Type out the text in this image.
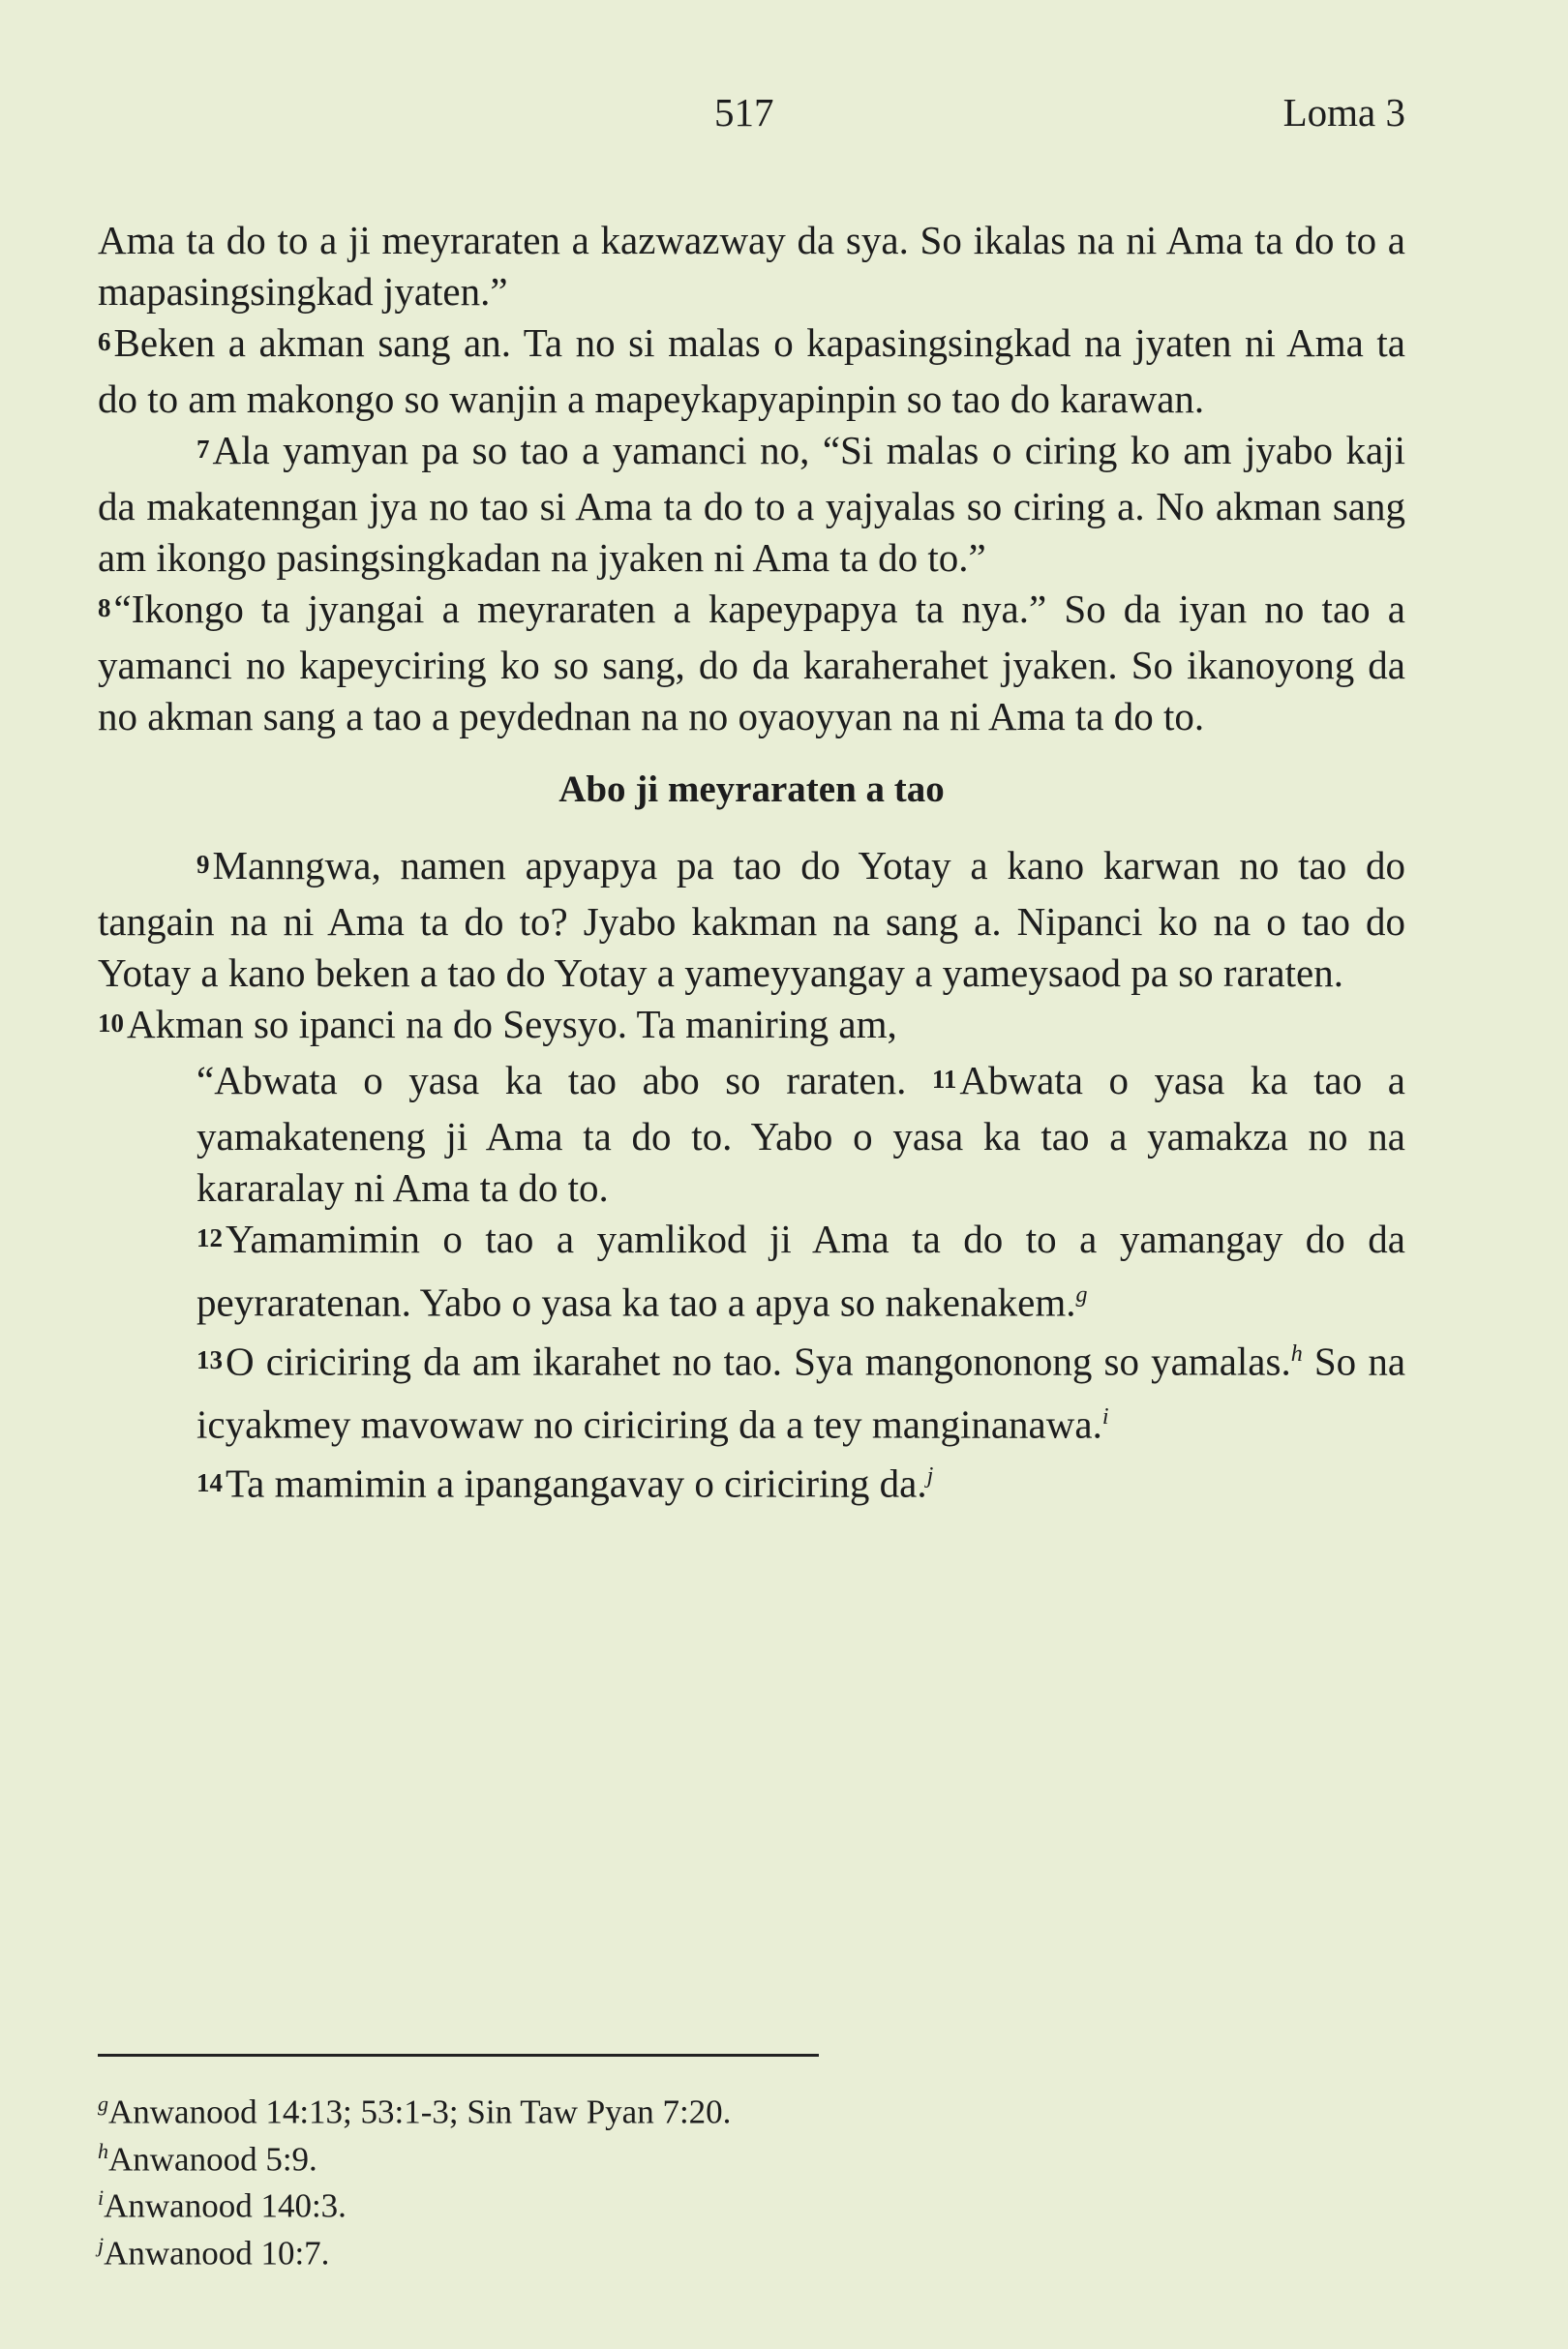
517	Loma 3

Ama ta do to a ji meyraraten a kazwazway da sya. So ikalas na ni Ama ta do to a mapasingsingkad jyaten.”

6Beken a akman sang an. Ta no si malas o kapasingsingkad na jyaten ni Ama ta do to am makongo so wanjin a mapeykapyapinpin so tao do karawan.

7Ala yamyan pa so tao a yamanci no, “Si malas o ciring ko am jyabo kaji da makatenngan jya no tao si Ama ta do to a yajyalas so ciring a. No akman sang am ikongo pasingsingkadan na jyaken ni Ama ta do to.”

8“Ikongo ta jyangai a meyraraten a kapeypapya ta nya.” So da iyan no tao a yamanci no kapeyciring ko so sang, do da karaherahet jyaken. So ikanoyong da no akman sang a tao a peydednan na no oyaoyyan na ni Ama ta do to.

Abo ji meyraraten a tao

9Manngwa, namen apyapya pa tao do Yotay a kano karwan no tao do tangain na ni Ama ta do to? Jyabo kakman na sang a. Nipanci ko na o tao do Yotay a kano beken a tao do Yotay a yameyyangay a yameysaod pa so raraten.

10Akman so ipanci na do Seysyo. Ta maniring am,

“Abwata o yasa ka tao abo so raraten. 11Abwata o yasa ka tao a yamakateneng ji Ama ta do to. Yabo o yasa ka tao a yamakza no na kararalay ni Ama ta do to.

12Yamamimin o tao a yamlikod ji Ama ta do to a yamangay do da peyraratenan. Yabo o yasa ka tao a apya so nakenakem.$^g$

13O ciriciring da am ikarahet no tao. Sya mangononong so yamalas.$^h$ So na icyakmey mavowaw no ciriciring da a tey manginanawa.$^i$

14Ta mamimin a ipangangavay o ciriciring da.$^j$

$^g$Anwanood 14:13; 53:1-3; Sin Taw Pyan 7:20.
$^h$Anwanood 5:9.
$^i$Anwanood 140:3.
$^j$Anwanood 10:7.
